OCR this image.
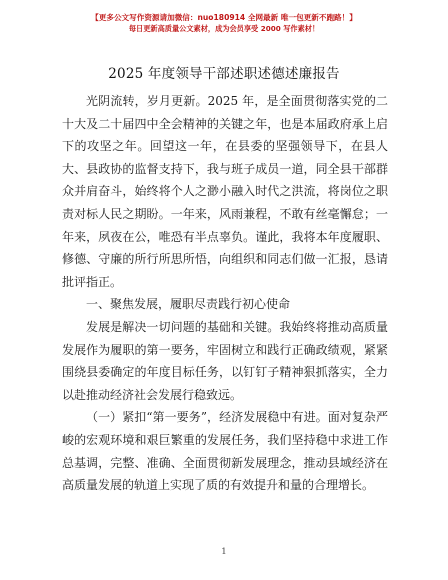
【更多公文写作资源请加微信：nuo180914 全网最新 唯一包更新不跑路！】
每日更新高质量公文素材，成为会员享受 2000 写作素材！
2025 年度领导干部述职述德述廉报告

光阴流转，岁月更新。2025 年，是全面贯彻落实党的二十大及二十届四中全会精神的关键之年，也是本届政府承上启下的攻坚之年。回望这一年，在县委的坚强领导下，在县人大、县政协的监督支持下，我与班子成员一道，同全县干部群众并肩奋斗，始终将个人之渺小融入时代之洪流，将岗位之职责对标人民之期盼。一年来，风雨兼程，不敢有丝毫懈怠；一年来，夙夜在公，唯恐有半点辜负。谨此，我将本年度履职、修德、守廉的所行所思所悟，向组织和同志们做一汇报，恳请批评指正。

一、聚焦发展，履职尽责践行初心使命

发展是解决一切问题的基础和关键。我始终将推动高质量发展作为履职的第一要务，牢固树立和践行正确政绩观，紧紧围绕县委确定的年度目标任务，以钉钉子精神狠抓落实，全力以赴推动经济社会发展行稳致远。

（一）紧扣“第一要务”，经济发展稳中有进。面对复杂严峻的宏观环境和艰巨繁重的发展任务，我们坚持稳中求进工作总基调，完整、准确、全面贯彻新发展理念，推动县域经济在高质量发展的轨道上实现了质的有效提升和量的合理增长。

1
